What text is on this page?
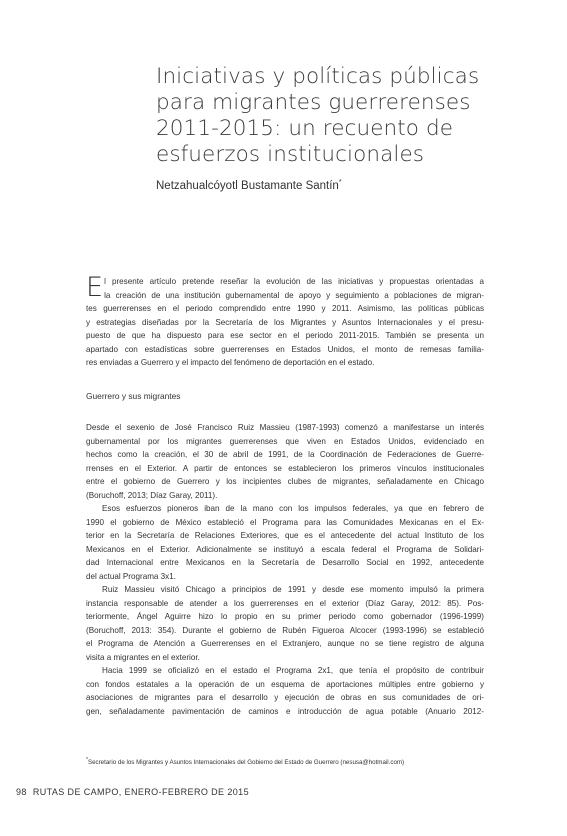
Iniciativas y políticas públicas
para migrantes guerrerenses
2011-2015: un recuento de
esfuerzos institucionales
Netzahualcóyotl Bustamante Santín*
E l presente artículo pretende reseñar la evolución de las iniciativas y propuestas orientadas a
la creación de una institución gubernamental de apoyo y seguimiento a poblaciones de migran-
tes guerrerenses en el periodo comprendido entre 1990 y 2011. Asimismo, las políticas públicas
y estrategias diseñadas por la Secretaría de los Migrantes y Asuntos Internacionales y el presu-
puesto de que ha dispuesto para ese sector en el periodo 2011-2015. También se presenta un
apartado con estadísticas sobre guerrerenses en Estados Unidos, el monto de remesas familia-
res enviadas a Guerrero y el impacto del fenómeno de deportación en el estado.
Guerrero y sus migrantes
Desde el sexenio de José Francisco Ruiz Massieu (1987-1993) comenzó a manifestarse un interés
gubernamental por los migrantes guerrerenses que viven en Estados Unidos, evidenciado en
hechos como la creación, el 30 de abril de 1991, de la Coordinación de Federaciones de Guerre-
rrenses en el Exterior. A partir de entonces se establecieron los primeros vínculos institucionales
entre el gobierno de Guerrero y los incipientes clubes de migrantes, señaladamente en Chicago
(Boruchoff, 2013; Díaz Garay, 2011).
Esos esfuerzos pioneros iban de la mano con los impulsos federales, ya que en febrero de
1990 el gobierno de México estableció el Programa para las Comunidades Mexicanas en el Ex-
terior en la Secretaría de Relaciones Exteriores, que es el antecedente del actual Instituto de los
Mexicanos en el Exterior. Adicionalmente se instituyó a escala federal el Programa de Solidari-
dad Internacional entre Mexicanos en la Secretaría de Desarrollo Social en 1992, antecedente
del actual Programa 3x1.
Ruiz Massieu visitó Chicago a principios de 1991 y desde ese momento impulsó la primera
instancia responsable de atender a los guerrerenses en el exterior (Díaz Garay, 2012: 85). Pos-
teriormente, Ángel Aguirre hizo lo propio en su primer periodo como gobernador (1996-1999)
(Boruchoff, 2013: 354). Durante el gobierno de Rubén Figueroa Alcocer (1993-1996) se estableció
el Programa de Atención a Guerrerenses en el Extranjero, aunque no se tiene registro de alguna
visita a migrantes en el exterior.
Hacia 1999 se oficializó en el estado el Programa 2x1, que tenía el propósito de contribuir
con fondos estatales a la operación de un esquema de aportaciones múltiples entre gobierno y
asociaciones de migrantes para el desarrollo y ejecución de obras en sus comunidades de ori-
gen, señaladamente pavimentación de caminos e introducción de agua potable (Anuario 2012-
*Secretario de los Migrantes y Asuntos Internacionales del Gobierno del Estado de Guerrero (nesusa@hotmail.com)
98 RUTAS DE CAMPO, ENERO-FEBRERO DE 2015
